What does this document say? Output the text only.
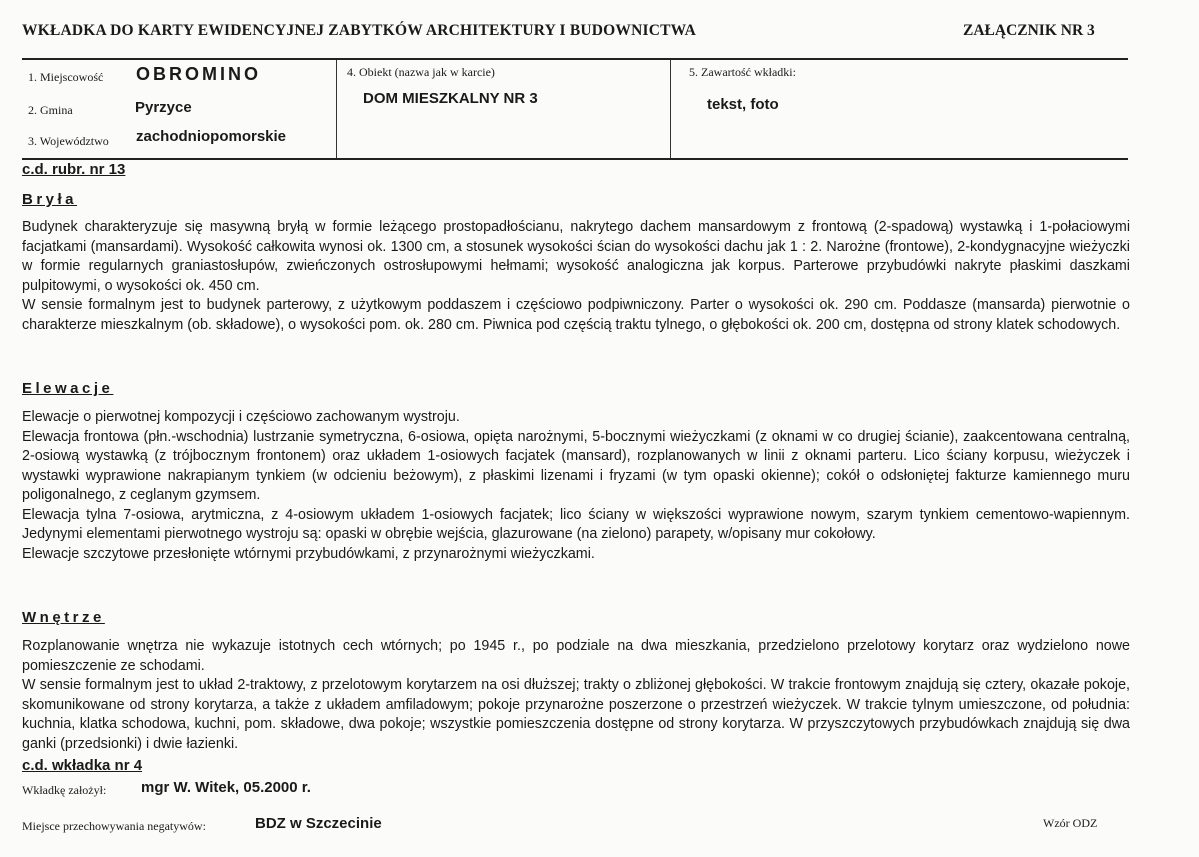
WKŁADKA DO KARTY EWIDENCYJNEJ ZABYTKÓW ARCHITEKTURY I BUDOWNICTWA	ZAŁĄCZNIK NR 3
1. Miejscowość OBROMINO
2. Gmina	Pyrzyce
3. Województwo zachodniopomorskie
4. Obiekt (nazwa jak w karcie)
DOM MIESZKALNY NR 3
5. Zawartość wkładki:
tekst, foto
c.d. rubr. nr 13
Bryła

Budynek charakteryzuje się masywną bryłą w formie leżącego prostopadłościanu, nakrytego dachem mansardowym z frontową (2-spadową) wystawką i 1-połaciowymi facjatkami (mansardami). Wysokość całkowita wynosi ok. 1300 cm, a stosunek wysokości ścian do wysokości dachu jak 1 : 2. Narożne (frontowe), 2-kondygnacyjne wieżyczki w formie regularnych graniastosłupów, zwieńczonych ostrosłupowymi hełmami; wysokość analogiczna jak korpus. Parterowe przybudówki nakryte płaskimi daszkami pulpitowymi, o wysokości ok. 450 cm.

W sensie formalnym jest to budynek parterowy, z użytkowym poddaszem i częściowo podpiwniczony. Parter o wysokości ok. 290 cm. Poddasze (mansarda) pierwotnie o charakterze mieszkalnym (ob. składowe), o wysokości pom. ok. 280 cm. Piwnica pod częścią traktu tylnego, o głębokości ok. 200 cm, dostępna od strony klatek schodowych.

Elewacje

Elewacje o pierwotnej kompozycji i częściowo zachowanym wystroju.

Elewacja frontowa (płn.-wschodnia) lustrzanie symetryczna, 6-osiowa, opięta narożnymi, 5-bocznymi wieżyczkami (z oknami w co drugiej ścianie), zaakcentowana centralną, 2-osiową wystawką (z trójbocznym frontonem) oraz układem 1-osiowych facjatek (mansard), rozplanowanych w linii z oknami parteru. Lico ściany korpusu, wieżyczek i wystawki wyprawione nakrapianym tynkiem (w odcieniu beżowym), z płaskimi lizenami i fryzami (w tym opaski okienne); cokół o odsłoniętej fakturze kamiennego muru poligonalnego, z ceglanym gzymsem.

Elewacja tylna 7-osiowa, arytmiczna, z 4-osiowym układem 1-osiowych facjatek; lico ściany w większości wyprawione nowym, szarym tynkiem cementowo-wapiennym. Jedynymi elementami pierwotnego wystroju są: opaski w obrębie wejścia, glazurowane (na zielono) parapety, w/opisany mur cokołowy.

Elewacje szczytowe przesłonięte wtórnymi przybudówkami, z przynarożnymi wieżyczkami.

Wnętrze

Rozplanowanie wnętrza nie wykazuje istotnych cech wtórnych; po 1945 r., po podziale na dwa mieszkania, przedzielono przelotowy korytarz oraz wydzielono nowe pomieszczenie ze schodami.

W sensie formalnym jest to układ 2-traktowy, z przelotowym korytarzem na osi dłuższej; trakty o zbliżonej głębokości. W trakcie frontowym znajdują się cztery, okazałe pokoje, skomunikowane od strony korytarza, a także z układem amfiladowym; pokoje przynarożne poszerzone o przestrzeń wieżyczek. W trakcie tylnym umieszczone, od południa: kuchnia, klatka schodowa, kuchni, pom. składowe, dwa pokoje; wszystkie pomieszczenia dostępne od strony korytarza. W przyszczytowych przybudówkach znajdują się dwa ganki (przedsionki) i dwie łazienki.

c.d. wkładka nr 4
Wkładkę założył: mgr W. Witek, 05.2000 r.
Miejsce przechowywania negatywów:	BDZ w Szczecinie	Wzór ODZ
